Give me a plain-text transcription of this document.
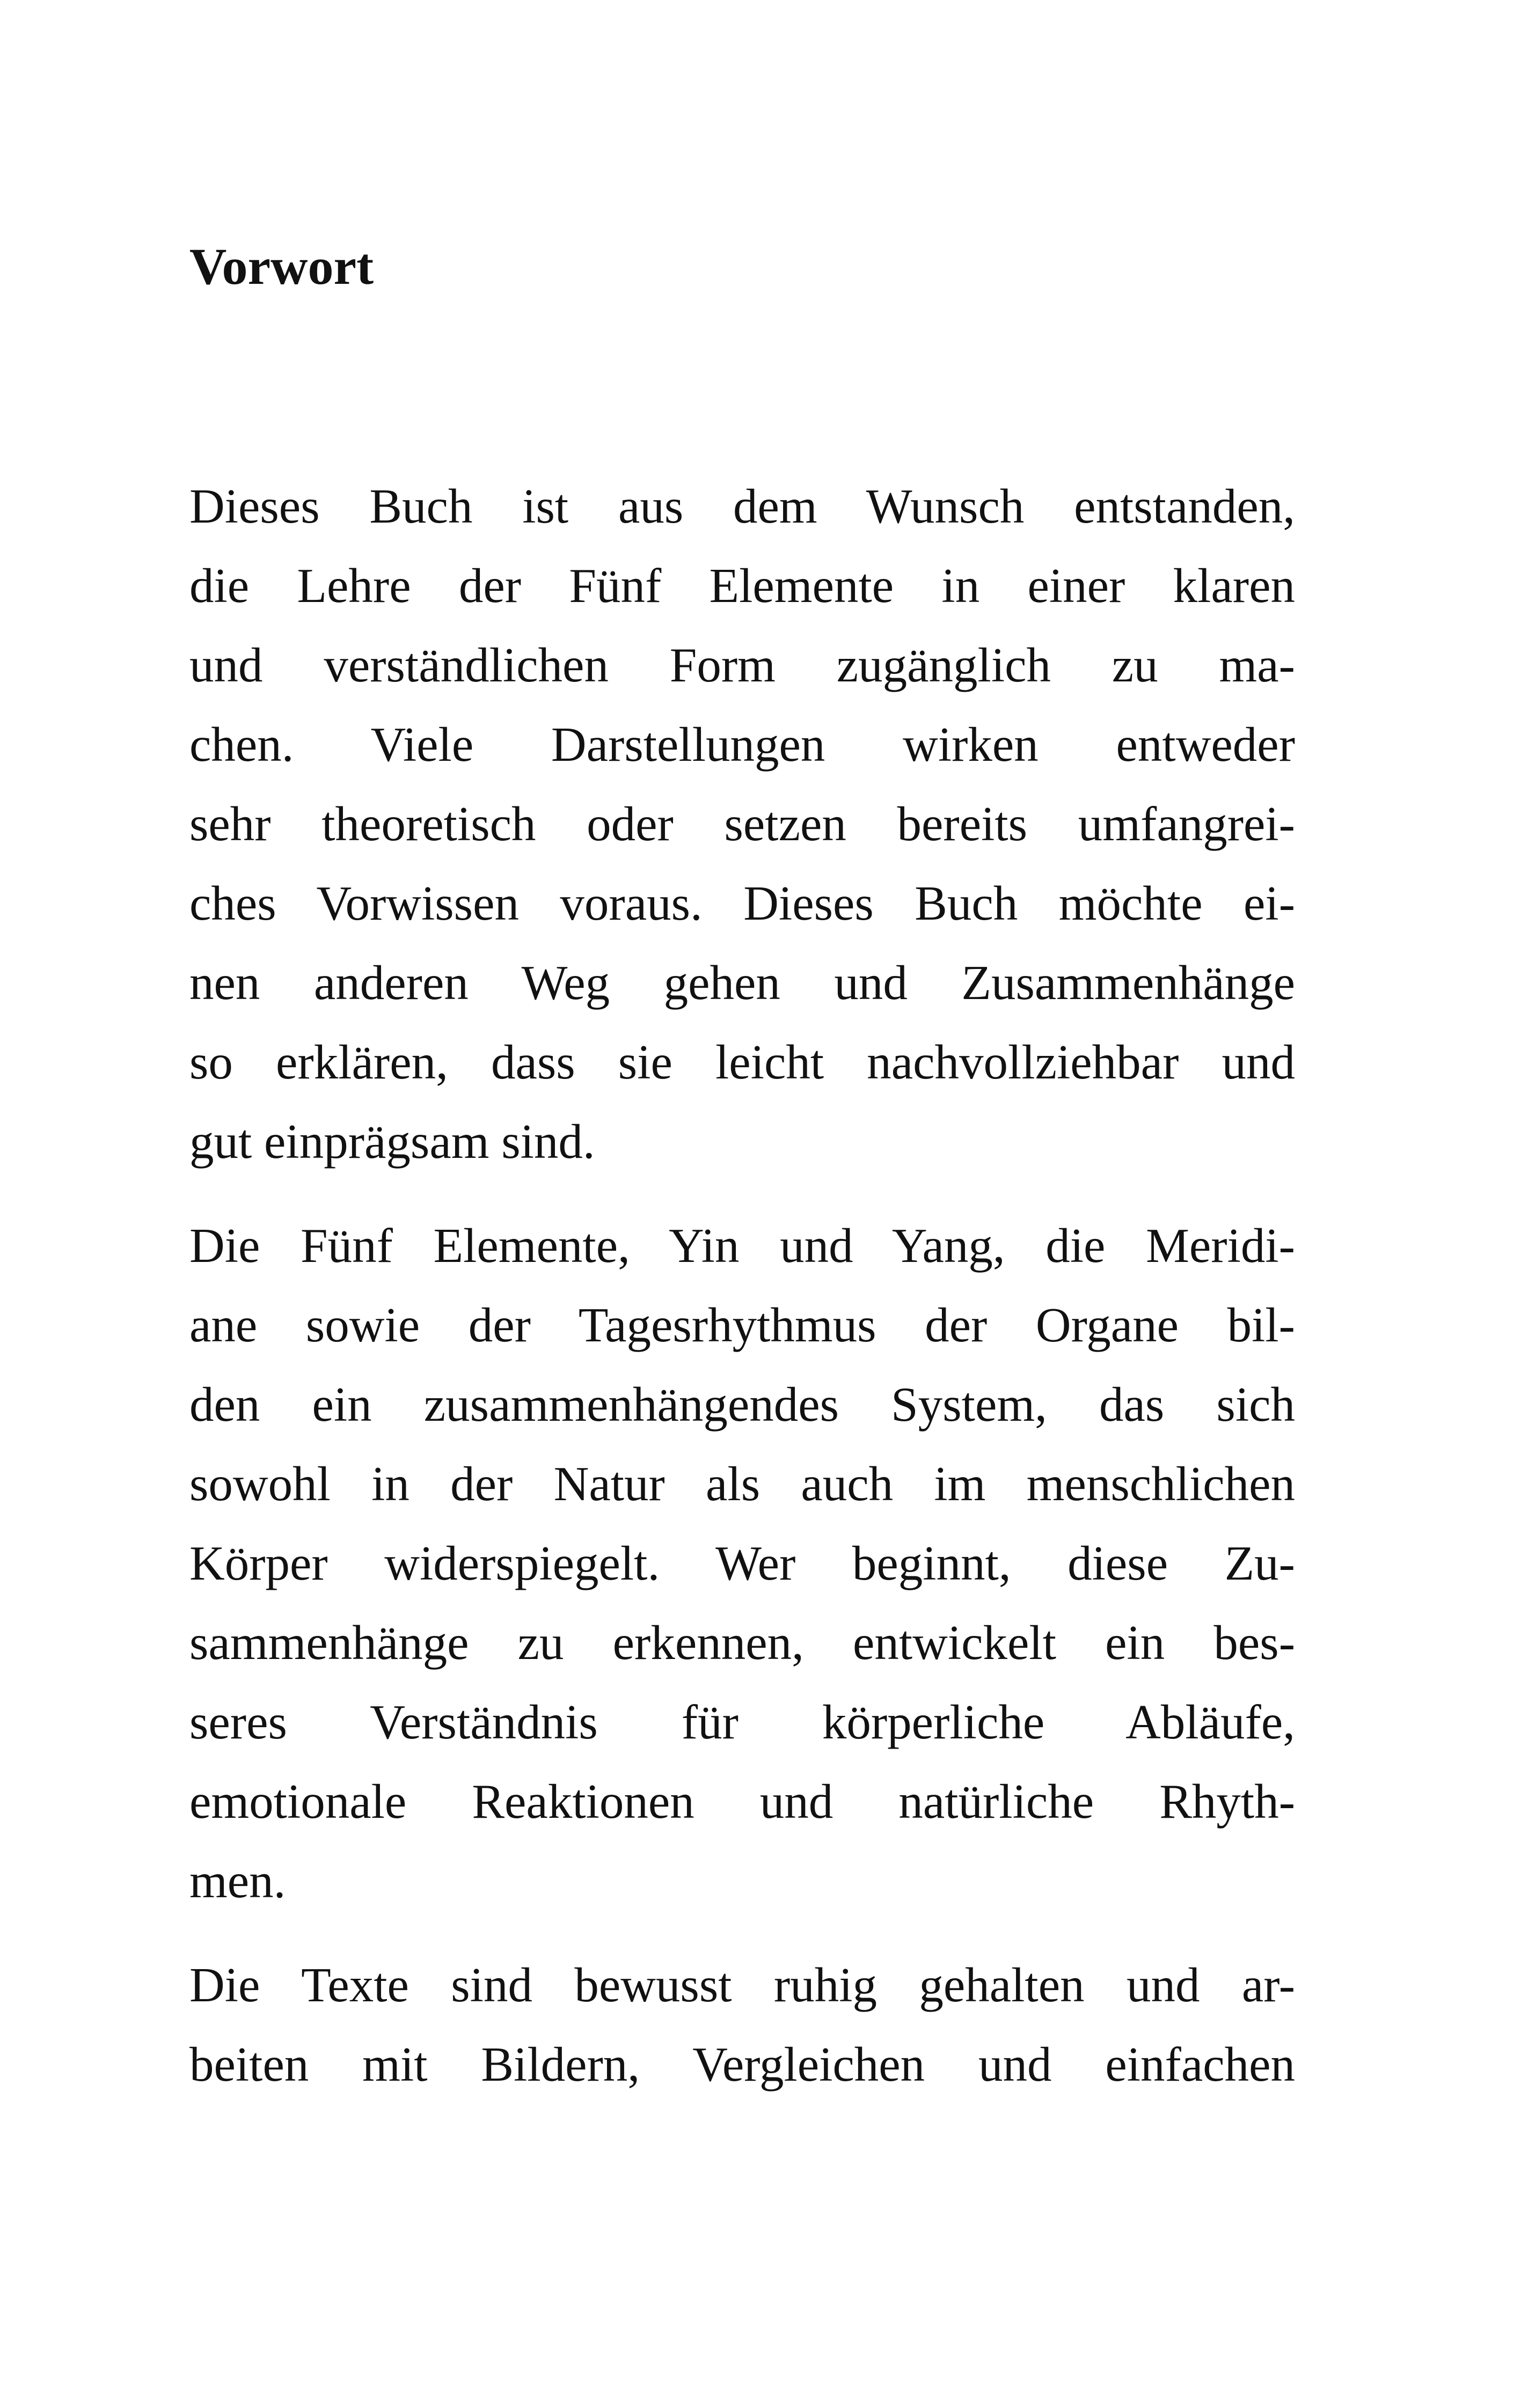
Vorwort
Dieses Buch ist aus dem Wunsch entstanden,
die Lehre der Fünf Elemente in einer klaren
und verständlichen Form zugänglich zu ma-
chen. Viele Darstellungen wirken entweder
sehr theoretisch oder setzen bereits umfangrei-
ches Vorwissen voraus. Dieses Buch möchte ei-
nen anderen Weg gehen und Zusammenhänge
so erklären, dass sie leicht nachvollziehbar und
gut einprägsam sind.
Die Fünf Elemente, Yin und Yang, die Meridi-
ane sowie der Tagesrhythmus der Organe bil-
den ein zusammenhängendes System, das sich
sowohl in der Natur als auch im menschlichen
Körper widerspiegelt. Wer beginnt, diese Zu-
sammenhänge zu erkennen, entwickelt ein bes-
seres Verständnis für körperliche Abläufe,
emotionale Reaktionen und natürliche Rhyth-
men.
Die Texte sind bewusst ruhig gehalten und ar-
beiten mit Bildern, Vergleichen und einfachen
